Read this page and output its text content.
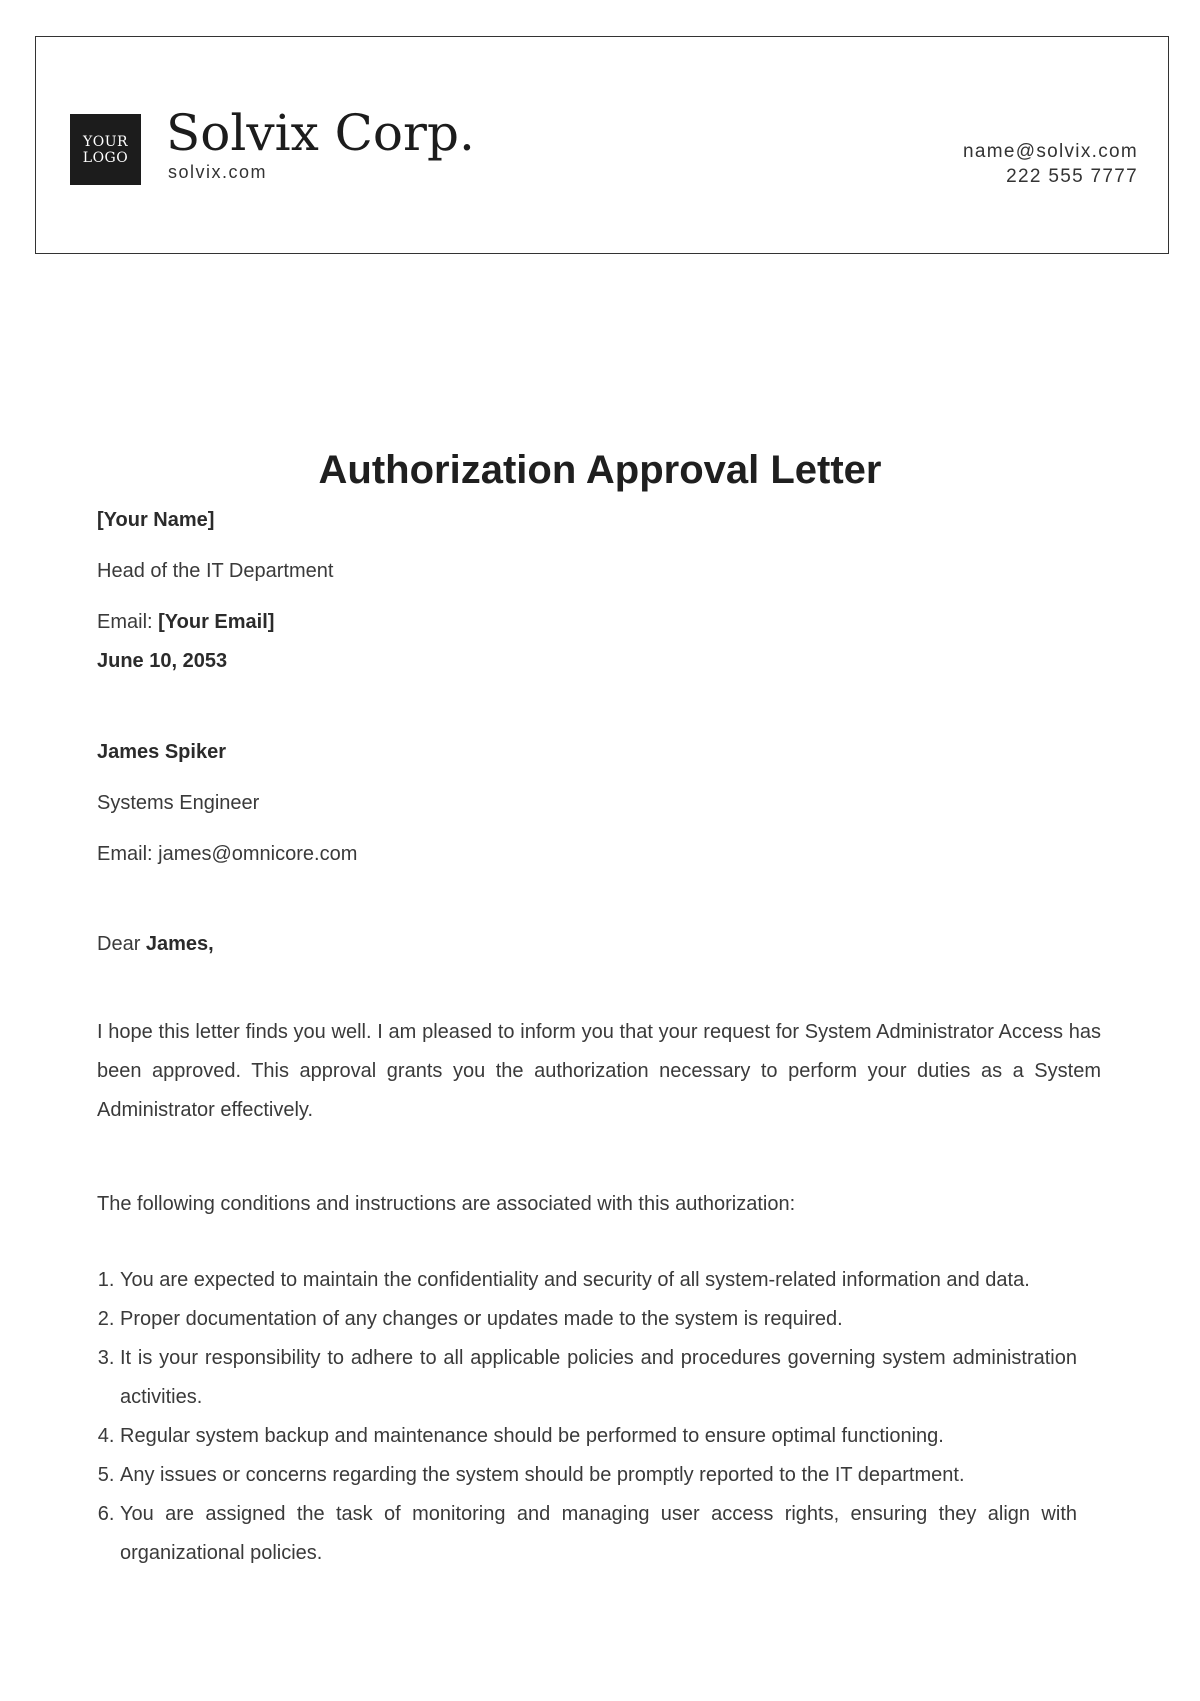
YOUR
LOGO Solvix Corp.
solvix.com
name@solvix.com
222 555 7777
Authorization Approval Letter
[Your Name]
Head of the IT Department
Email: [Your Email]
June 10, 2053
James Spiker
Systems Engineer
Email: james@omnicore.com
Dear James,
I hope this letter finds you well. I am pleased to inform you that your request for System Administrator Access has been approved. This approval grants you the authorization necessary to perform your duties as a System Administrator effectively.
The following conditions and instructions are associated with this authorization:
1. You are expected to maintain the confidentiality and security of all system-related information and data.
2. Proper documentation of any changes or updates made to the system is required.
3. It is your responsibility to adhere to all applicable policies and procedures governing system administration activities.
4. Regular system backup and maintenance should be performed to ensure optimal functioning.
5. Any issues or concerns regarding the system should be promptly reported to the IT department.
6. You are assigned the task of monitoring and managing user access rights, ensuring they align with organizational policies.
